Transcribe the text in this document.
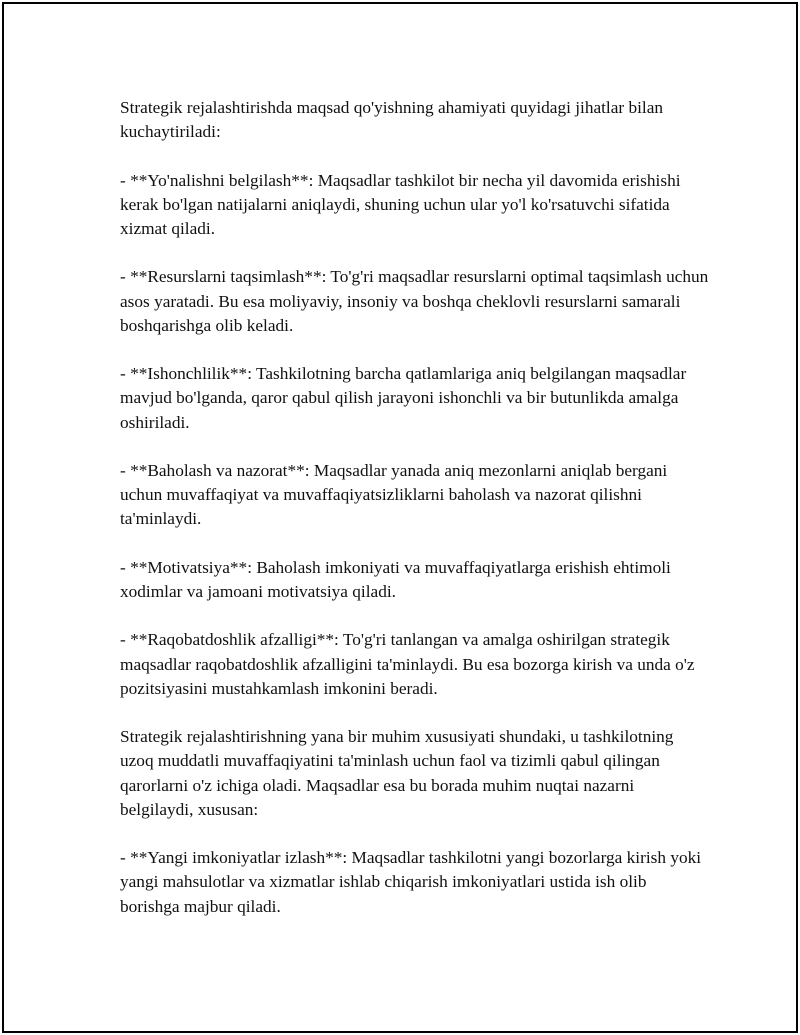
Strategik rejalashtirishda maqsad qo'yishning ahamiyati quyidagi jihatlar bilan kuchaytiriladi:

- **Yo'nalishni belgilash**: Maqsadlar tashkilot bir necha yil davomida erishishi kerak bo'lgan natijalarni aniqlaydi, shuning uchun ular yo'l ko'rsatuvchi sifatida xizmat qiladi.

- **Resurslarni taqsimlash**: To'g'ri maqsadlar resurslarni optimal taqsimlash uchun asos yaratadi. Bu esa moliyaviy, insoniy va boshqa cheklovli resurslarni samarali boshqarishga olib keladi.

- **Ishonchlilik**: Tashkilotning barcha qatlamlariga aniq belgilangan maqsadlar mavjud bo'lganda, qaror qabul qilish jarayoni ishonchli va bir butunlikda amalga oshiriladi.

- **Baholash va nazorat**: Maqsadlar yanada aniq mezonlarni aniqlab bergani uchun muvaffaqiyat va muvaffaqiyatsizliklarni baholash va nazorat qilishni ta'minlaydi.

- **Motivatsiya**: Baholash imkoniyati va muvaffaqiyatlarga erishish ehtimoli xodimlar va jamoani motivatsiya qiladi.

- **Raqobatdoshlik afzalligi**: To'g'ri tanlangan va amalga oshirilgan strategik maqsadlar raqobatdoshlik afzalligini ta'minlaydi. Bu esa bozorga kirish va unda o'z pozitsiyasini mustahkamlash imkonini beradi.

Strategik rejalashtirishning yana bir muhim xususiyati shundaki, u tashkilotning uzoq muddatli muvaffaqiyatini ta'minlash uchun faol va tizimli qabul qilingan qarorlarni o'z ichiga oladi. Maqsadlar esa bu borada muhim nuqtai nazarni belgilaydi, xususan:

- **Yangi imkoniyatlar izlash**: Maqsadlar tashkilotni yangi bozorlarga kirish yoki yangi mahsulotlar va xizmatlar ishlab chiqarish imkoniyatlari ustida ish olib borishga majbur qiladi.
